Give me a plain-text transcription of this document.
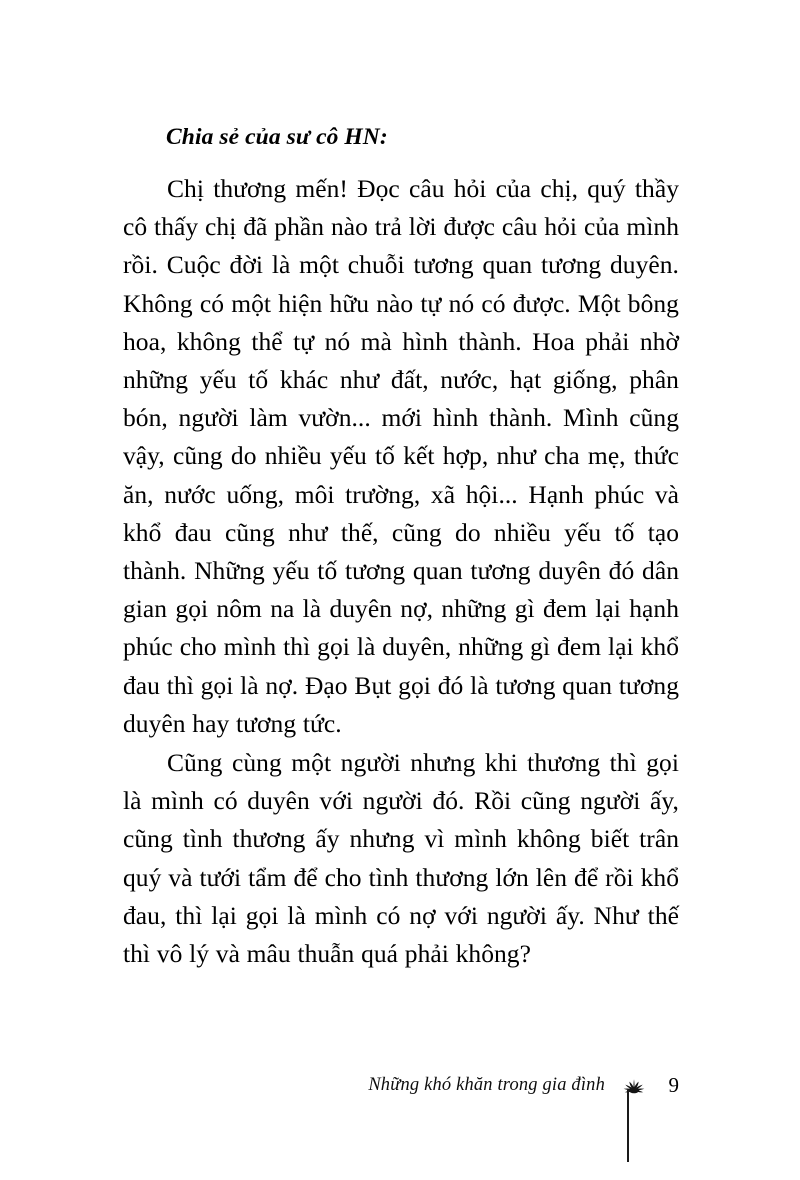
Chia sẻ của sư cô HN:

Chị thương mến! Đọc câu hỏi của chị, quý thầy cô thấy chị đã phần nào trả lời được câu hỏi của mình rồi. Cuộc đời là một chuỗi tương quan tương duyên. Không có một hiện hữu nào tự nó có được. Một bông hoa, không thể tự nó mà hình thành. Hoa phải nhờ những yếu tố khác như đất, nước, hạt giống, phân bón, người làm vườn... mới hình thành. Mình cũng vậy, cũng do nhiều yếu tố kết hợp, như cha mẹ, thức ăn, nước uống, môi trường, xã hội... Hạnh phúc và khổ đau cũng như thế, cũng do nhiều yếu tố tạo thành. Những yếu tố tương quan tương duyên đó dân gian gọi nôm na là duyên nợ, những gì đem lại hạnh phúc cho mình thì gọi là duyên, những gì đem lại khổ đau thì gọi là nợ. Đạo Bụt gọi đó là tương quan tương duyên hay tương tức.

Cũng cùng một người nhưng khi thương thì gọi là mình có duyên với người đó. Rồi cũng người ấy, cũng tình thương ấy nhưng vì mình không biết trân quý và tưới tẩm để cho tình thương lớn lên để rồi khổ đau, thì lại gọi là mình có nợ với người ấy. Như thế thì vô lý và mâu thuẫn quá phải không?

Những khó khăn trong gia đình	9
